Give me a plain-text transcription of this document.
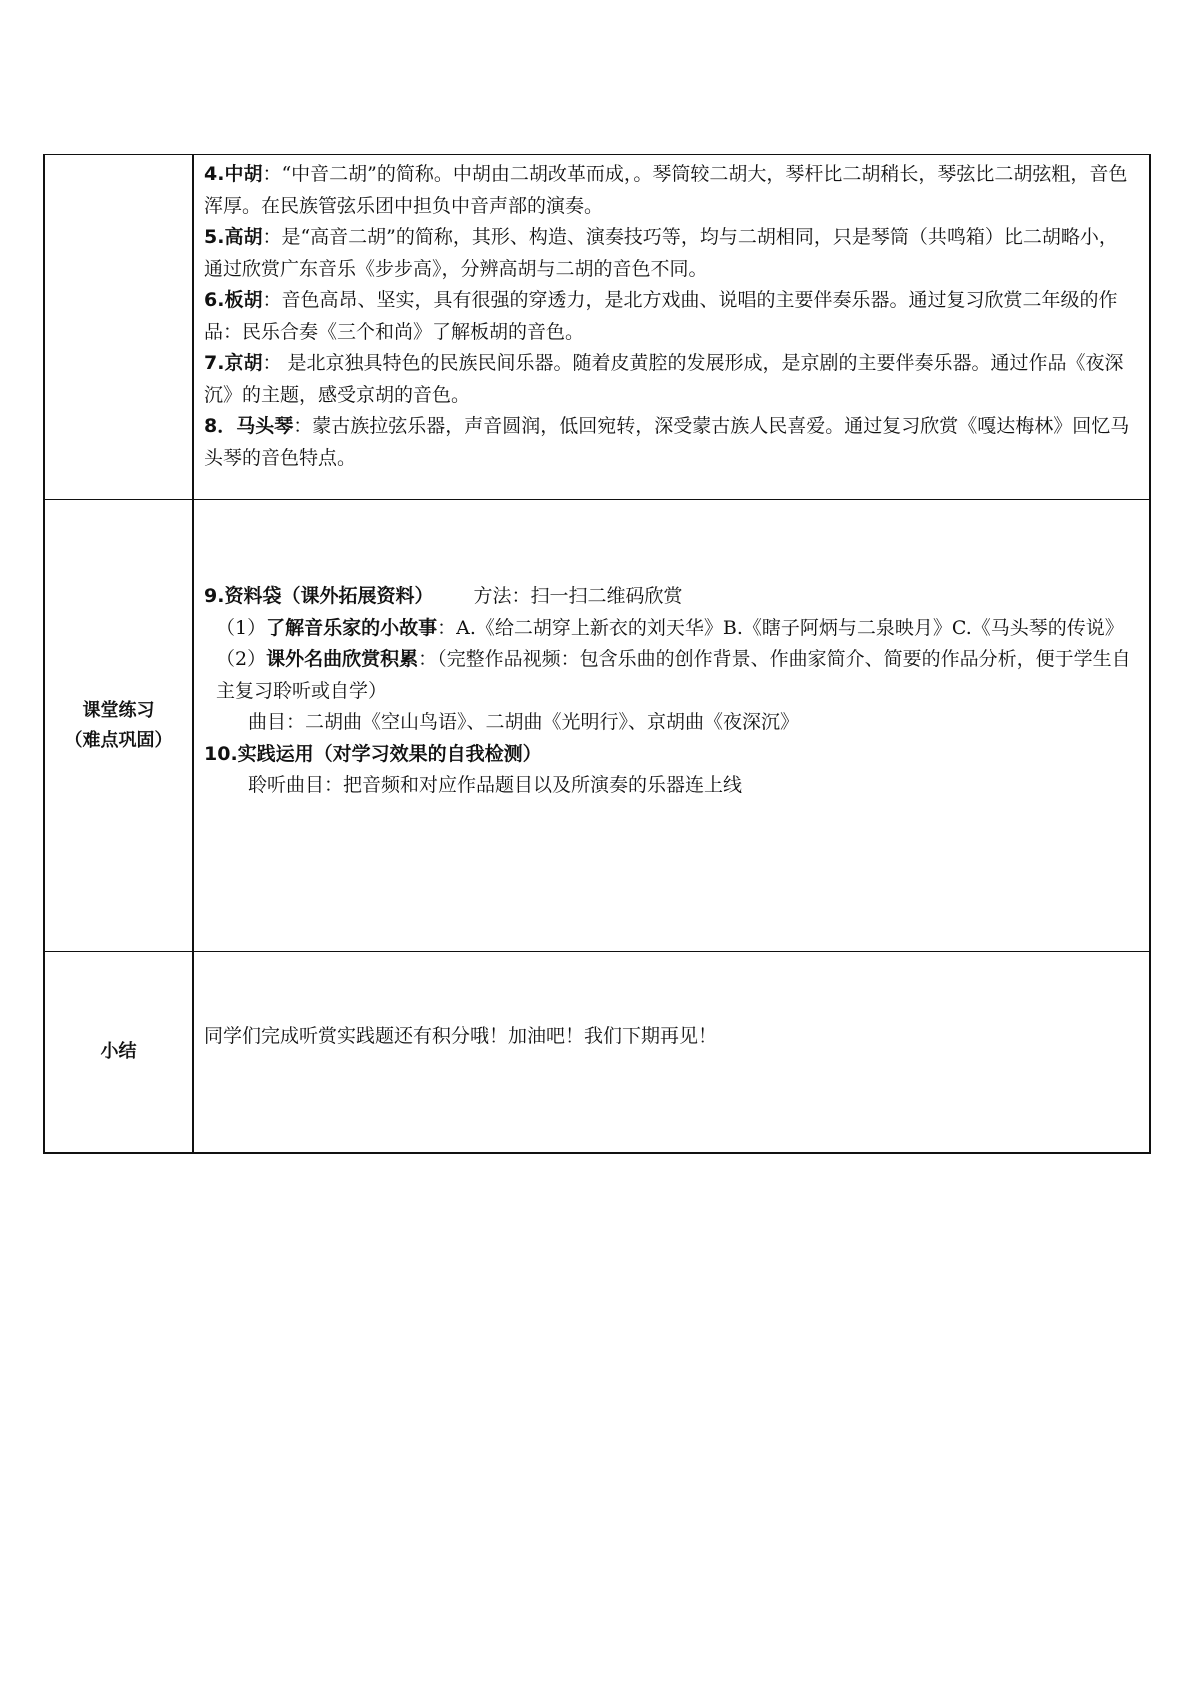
4.中胡：“中音二胡”的简称。中胡由二胡改革而成，。琴筒较二胡大，琴杆比二胡稍长，琴弦比二胡弦粗，音色浑厚。在民族管弦乐团中担负中音声部的演奏。

5.高胡：是“高音二胡”的简称，其形、构造、演奏技巧等，均与二胡相同，只是琴筒（共鸣箱）比二胡略小，通过欣赏广东音乐《步步高》，分辨高胡与二胡的音色不同。

6.板胡：音色高昂、坚实，具有很强的穿透力，是北方戏曲、说唱的主要伴奏乐器。通过复习欣赏二年级的作品：民乐合奏《三个和尚》了解板胡的音色。

7.京胡： 是北京独具特色的民族民间乐器。随着皮黄腔的发展形成，是京剧的主要伴奏乐器。通过作品《夜深沉》的主题，感受京胡的音色。

8．马头琴：蒙古族拉弦乐器，声音圆润，低回宛转，深受蒙古族人民喜爱。通过复习欣赏《嘎达梅林》回忆马头琴的音色特点。

课堂练习
（难点巩固）

9.资料袋（课外拓展资料） 方法：扫一扫二维码欣赏

（1）了解音乐家的小故事：A.《给二胡穿上新衣的刘天华》B.《瞎子阿炳与二泉映月》C.《马头琴的传说》

（2）课外名曲欣赏积累：（完整作品视频：包含乐曲的创作背景、作曲家简介、简要的作品分析，便于学生自主复习聆听或自学）

曲目：二胡曲《空山鸟语》、二胡曲《光明行》、京胡曲《夜深沉》

10.实践运用（对学习效果的自我检测）

聆听曲目：把音频和对应作品题目以及所演奏的乐器连上线

小结

同学们完成听赏实践题还有积分哦！加油吧！我们下期再见！
